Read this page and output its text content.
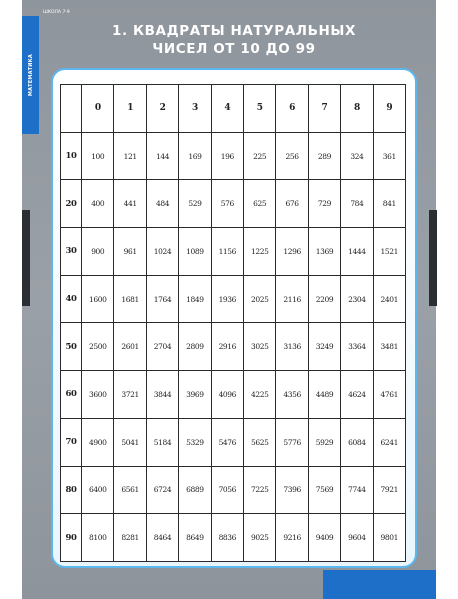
МАТЕМАТИКА
ШКОЛА 7-9
1. КВАДРАТЫ НАТУРАЛЬНЫХ
ЧИСЕЛ ОТ 10 ДО 99
	0	1	2	3	4	5	6	7	8	9
10	100	121	144	169	196	225	256	289	324	361
20	400	441	484	529	576	625	676	729	784	841
30	900	961	1024	1089	1156	1225	1296	1369	1444	1521
40	1600	1681	1764	1849	1936	2025	2116	2209	2304	2401
50	2500	2601	2704	2809	2916	3025	3136	3249	3364	3481
60	3600	3721	3844	3969	4096	4225	4356	4489	4624	4761
70	4900	5041	5184	5329	5476	5625	5776	5929	6084	6241
80	6400	6561	6724	6889	7056	7225	7396	7569	7744	7921
90	8100	8281	8464	8649	8836	9025	9216	9409	9604	9801
